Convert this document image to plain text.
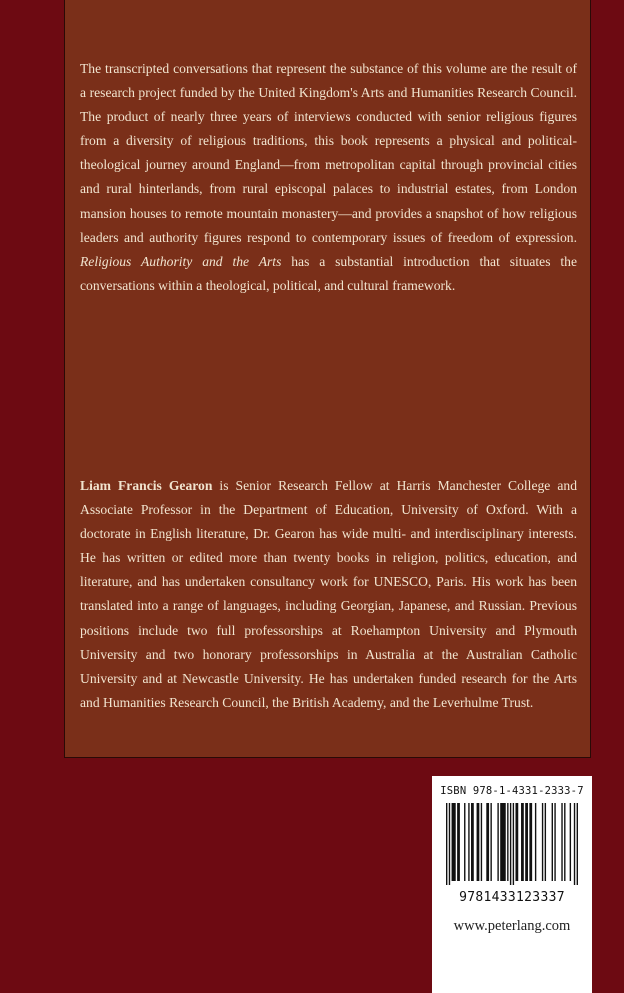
The transcripted conversations that represent the substance of this volume are the result of a research project funded by the United Kingdom's Arts and Humanities Research Council. The product of nearly three years of interviews conducted with senior religious figures from a diversity of religious traditions, this book represents a physical and political-theological journey around England—from metropolitan capital through provincial cities and rural hinterlands, from rural episcopal palaces to industrial estates, from London mansion houses to remote mountain monastery—and provides a snapshot of how religious leaders and authority figures respond to contemporary issues of freedom of expression. Religious Authority and the Arts has a substantial introduction that situates the conversations within a theological, political, and cultural framework.

Liam Francis Gearon is Senior Research Fellow at Harris Manchester College and Associate Professor in the Department of Education, University of Oxford. With a doctorate in English literature, Dr. Gearon has wide multi- and interdisciplinary interests. He has written or edited more than twenty books in religion, politics, education, and literature, and has undertaken consultancy work for UNESCO, Paris. His work has been translated into a range of languages, including Georgian, Japanese, and Russian. Previous positions include two full professorships at Roehampton University and Plymouth University and two honorary professorships in Australia at the Australian Catholic University and at Newcastle University. He has undertaken funded research for the Arts and Humanities Research Council, the British Academy, and the Leverhulme Trust.

ISBN 978-1-4331-2333-7
9781433123337
www.peterlang.com
